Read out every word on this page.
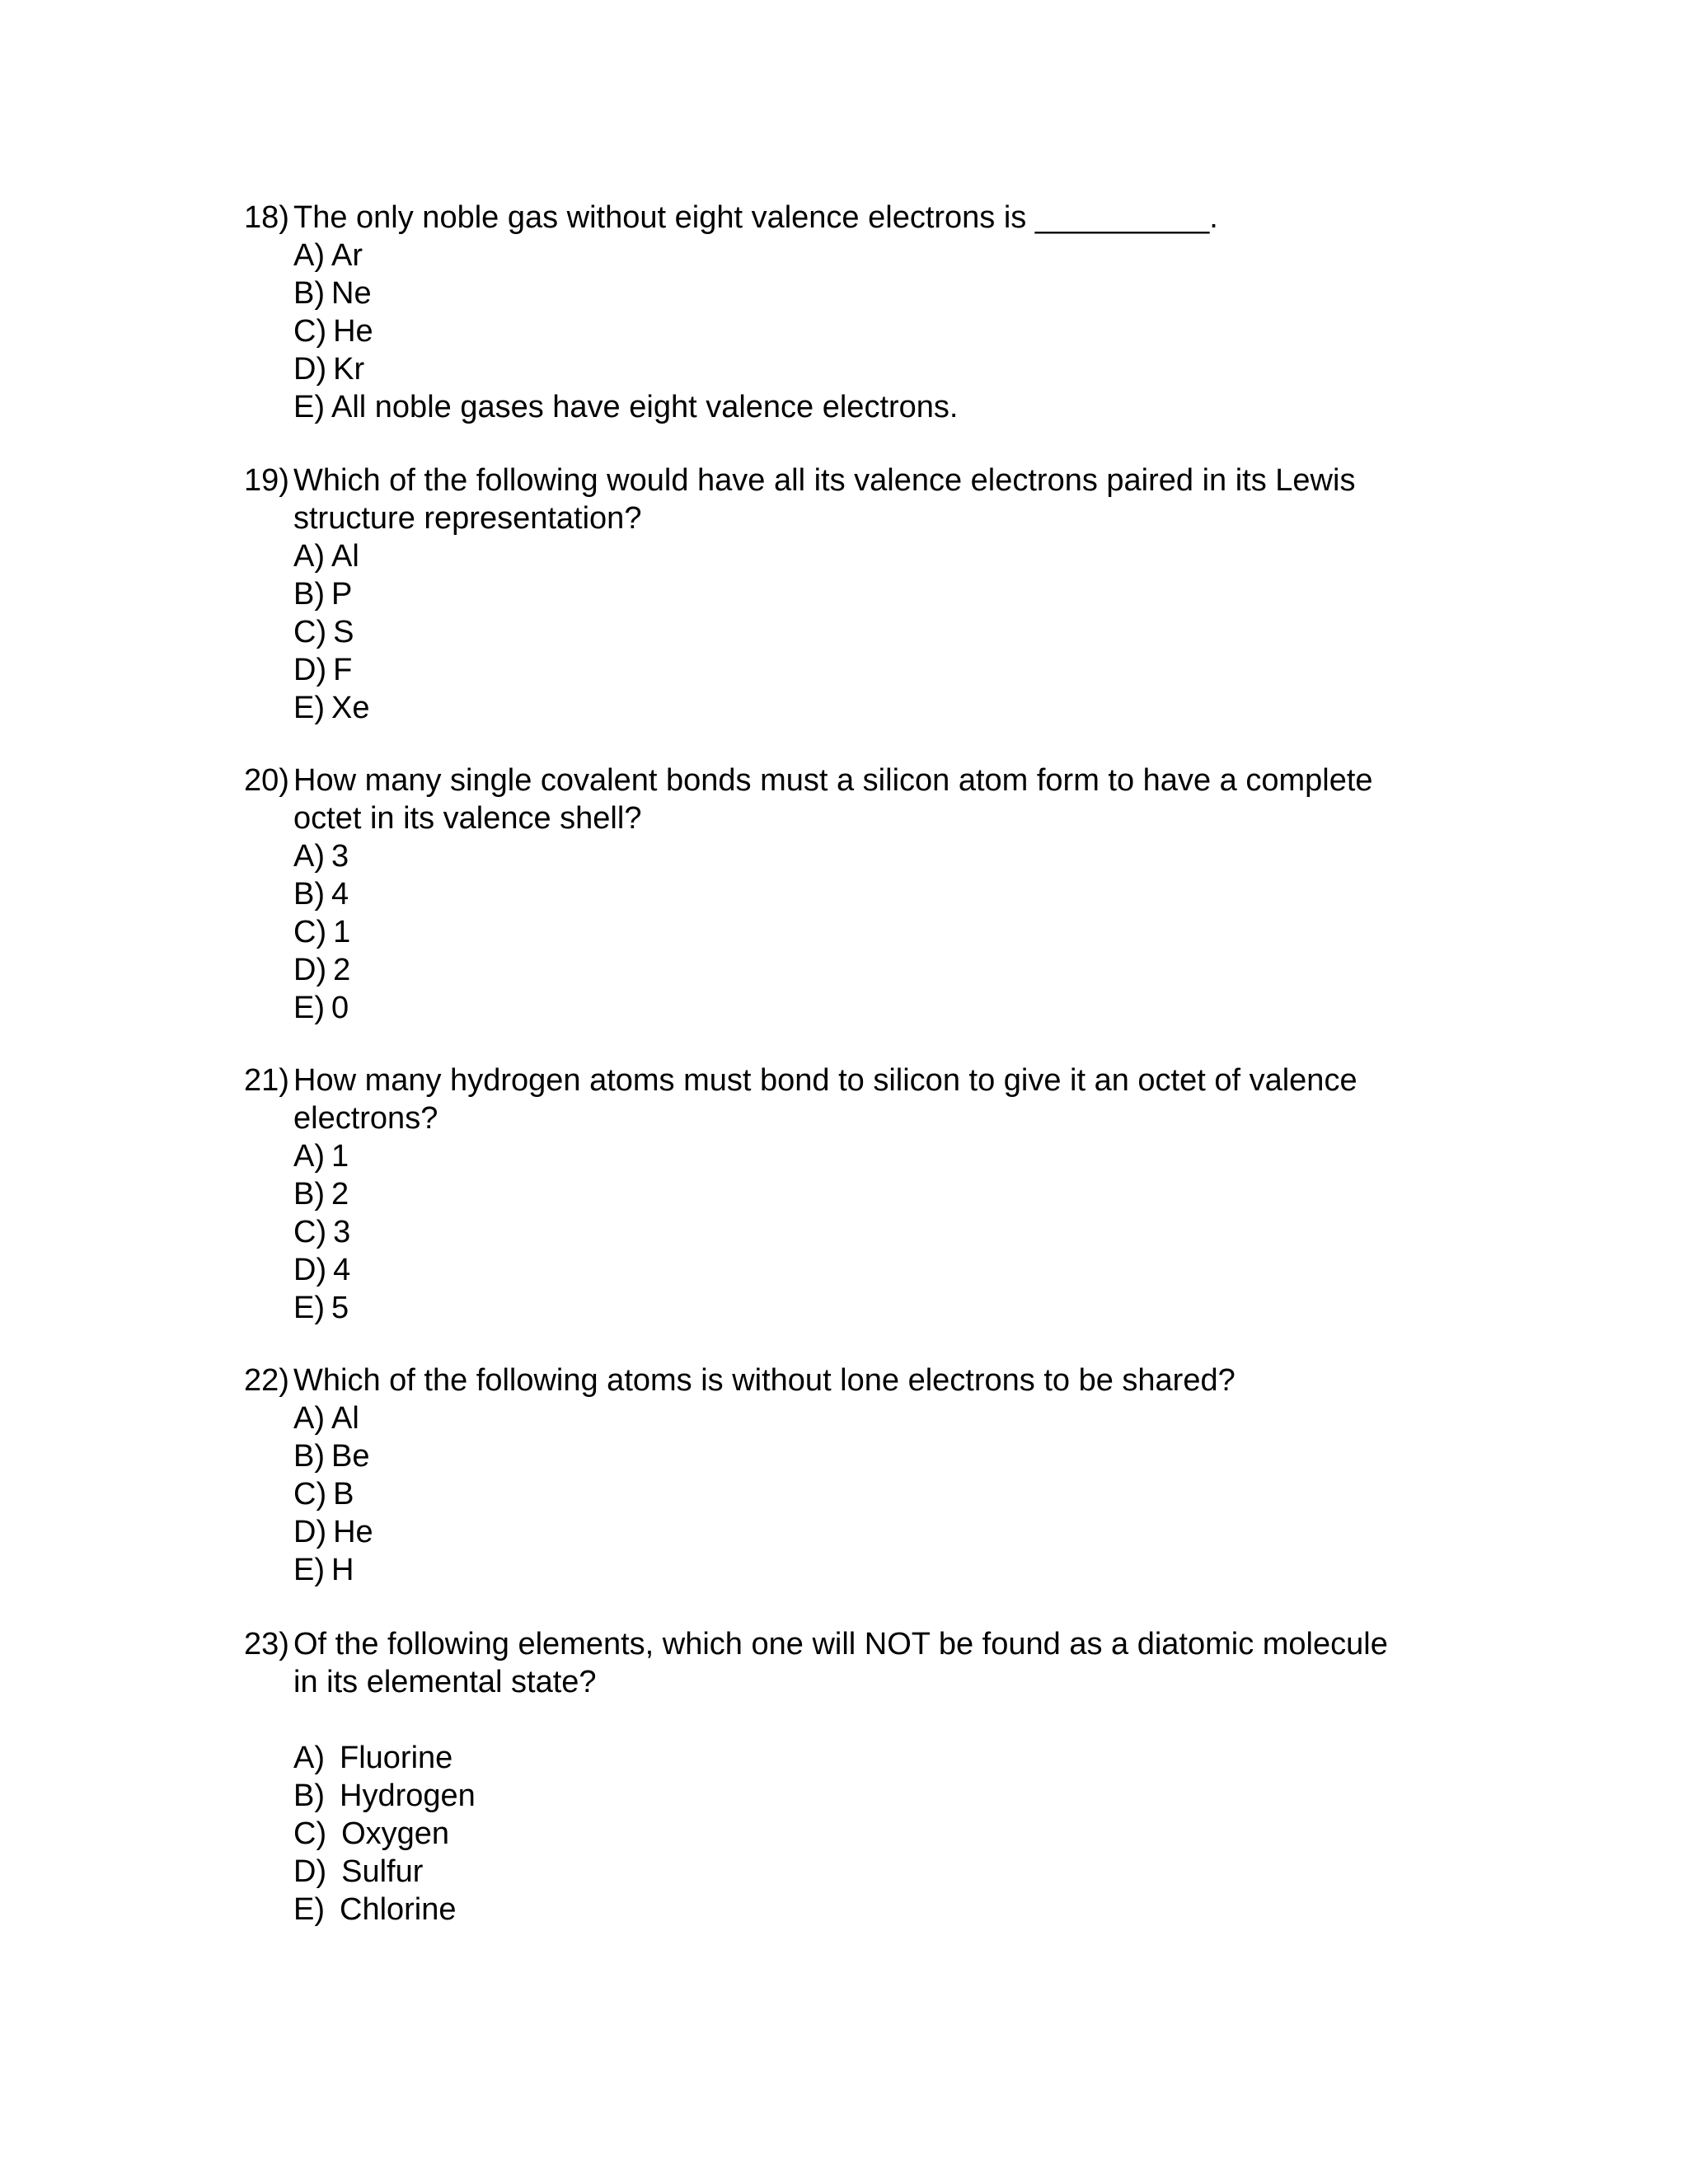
18) The only noble gas without eight valence electrons is __________.
A) Ar
B) Ne
C) He
D) Kr
E) All noble gases have eight valence electrons.
19) Which of the following would have all its valence electrons paired in its Lewis
structure representation?
A) Al
B) P
C) S
D) F
E) Xe
20) How many single covalent bonds must a silicon atom form to have a complete
octet in its valence shell?
A) 3
B) 4
C) 1
D) 2
E) 0
21) How many hydrogen atoms must bond to silicon to give it an octet of valence
electrons?
A) 1
B) 2
C) 3
D) 4
E) 5
22) Which of the following atoms is without lone electrons to be shared?
A) Al
B) Be
C) B
D) He
E) H
23) Of the following elements, which one will NOT be found as a diatomic molecule
in its elemental state?
A) Fluorine
B) Hydrogen
C) Oxygen
D) Sulfur
E) Chlorine
